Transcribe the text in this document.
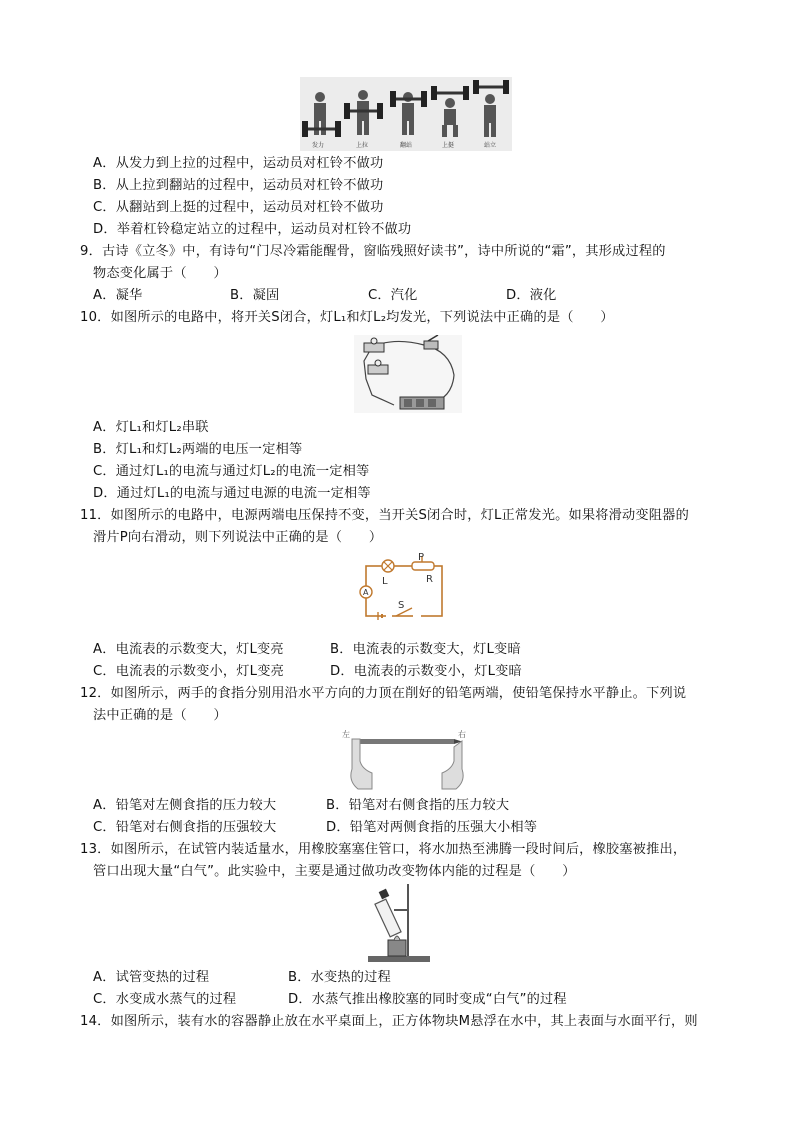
发力	上拉	翻站	上挺	站立
A．从发力到上拉的过程中，运动员对杠铃不做功
B．从上拉到翻站的过程中，运动员对杠铃不做功
C．从翻站到上挺的过程中，运动员对杠铃不做功
D．举着杠铃稳定站立的过程中，运动员对杠铃不做功
9．古诗《立冬》中，有诗句“门尽冷霜能醒骨，窗临残照好读书”，诗中所说的“霜”，其形成过程的
物态变化属于（　　）
A．凝华	B．凝固	C．汽化	D．液化
10．如图所示的电路中，将开关S闭合，灯L₁和灯L₂均发光，下列说法中正确的是（　　）
A．灯L₁和灯L₂串联
B．灯L₁和灯L₂两端的电压一定相等
C．通过灯L₁的电流与通过灯L₂的电流一定相等
D．通过灯L₁的电流与通过电源的电流一定相等
11．如图所示的电路中，电源两端电压保持不变，当开关S闭合时，灯L正常发光。如果将滑动变阻器的
滑片P向右滑动，则下列说法中正确的是（　　）
P
R
L
A
S
A．电流表的示数变大，灯L变亮	B．电流表的示数变大，灯L变暗
C．电流表的示数变小，灯L变亮	D．电流表的示数变小，灯L变暗
12．如图所示，两手的食指分别用沿水平方向的力顶在削好的铅笔两端，使铅笔保持水平静止。下列说
法中正确的是（　　）
左	右
A．铅笔对左侧食指的压力较大	B．铅笔对右侧食指的压力较大
C．铅笔对右侧食指的压强较大	D．铅笔对两侧食指的压强大小相等
13．如图所示，在试管内装适量水，用橡胶塞塞住管口，将水加热至沸腾一段时间后，橡胶塞被推出，
管口出现大量“白气”。此实验中，主要是通过做功改变物体内能的过程是（　　）
A．试管变热的过程	B．水变热的过程
C．水变成水蒸气的过程	D．水蒸气推出橡胶塞的同时变成“白气”的过程
14．如图所示，装有水的容器静止放在水平桌面上，正方体物块M悬浮在水中，其上表面与水面平行，则
